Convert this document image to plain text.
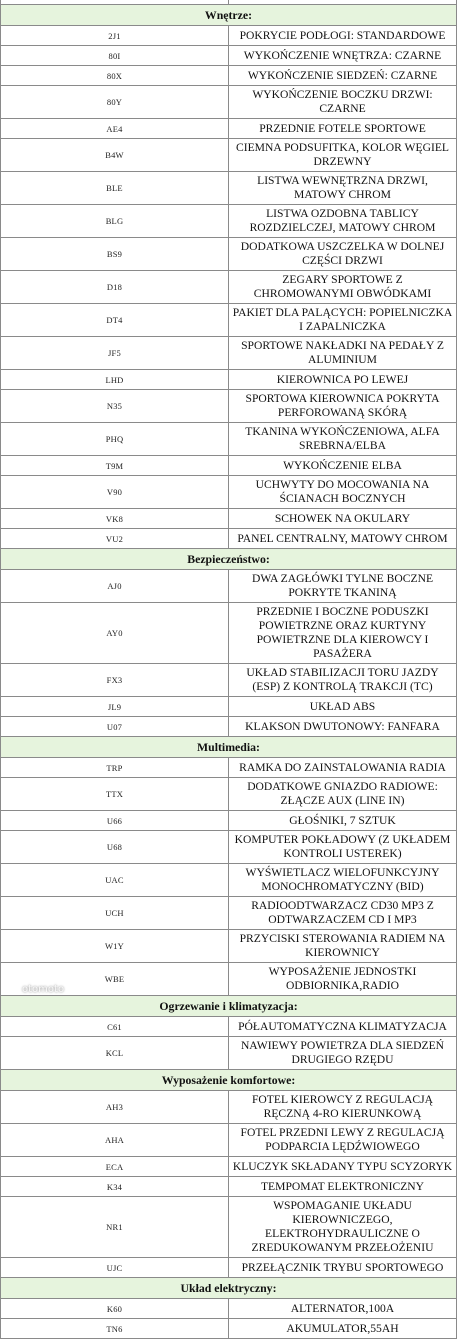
Wnętrze:	
2J1	POKRYCIE PODŁOGI: STANDARDOWE
80I	WYKOŃCZENIE WNĘTRZA: CZARNE
80X	WYKOŃCZENIE SIEDZEŃ: CZARNE
80Y	WYKOŃCZENIE BOCZKU DRZWI: CZARNE
AE4	PRZEDNIE FOTELE SPORTOWE
B4W	CIEMNA PODSUFITKA, KOLOR WĘGIEL DRZEWNY
BLE	LISTWA WEWNĘTRZNA DRZWI, MATOWY CHROM
BLG	LISTWA OZDOBNA TABLICY ROZDZIELCZEJ, MATOWY CHROM
BS9	DODATKOWA USZCZELKA W DOLNEJ CZĘŚCI DRZWI
D18	ZEGARY SPORTOWE Z CHROMOWANYMI OBWÓDKAMI
DT4	PAKIET DLA PALĄCYCH: POPIELNICZKA I ZAPALNICZKA
JF5	SPORTOWE NAKŁADKI NA PEDAŁY Z ALUMINIUM
LHD	KIEROWNICA PO LEWEJ
N35	SPORTOWA KIEROWNICA POKRYTA PERFOROWANĄ SKÓRĄ
PHQ	TKANINA WYKOŃCZENIOWA, ALFA SREBRNA/ELBA
T9M	WYKOŃCZENIE ELBA
V90	UCHWYTY DO MOCOWANIA NA ŚCIANACH BOCZNYCH
VK8	SCHOWEK NA OKULARY
VU2	PANEL CENTRALNY, MATOWY CHROM
Bezpieczeństwo:	
AJ0	DWA ZAGŁÓWKI TYLNE BOCZNE POKRYTE TKANINĄ
AY0	PRZEDNIE I BOCZNE PODUSZKI POWIETRZNE ORAZ KURTYNY POWIETRZNE DLA KIEROWCY I PASAŻERA
FX3	UKŁAD STABILIZACJI TORU JAZDY (ESP) Z KONTROLĄ TRAKCJI (TC)
JL9	UKŁAD ABS
U07	KLAKSON DWUTONOWY: FANFARA
Multimedia:	
TRP	RAMKA DO ZAINSTALOWANIA RADIA
TTX	DODATKOWE GNIAZDO RADIOWE: ZŁĄCZE AUX (LINE IN)
U66	GŁOŚNIKI, 7 SZTUK
U68	KOMPUTER POKŁADOWY (Z UKŁADEM KONTROLI USTEREK)
UAC	WYŚWIETLACZ WIELOFUNKCYJNY MONOCHROMATYCZNY (BID)
UCH	RADIOODTWARZACZ CD30 MP3 Z ODTWARZACZEM CD I MP3
W1Y	PRZYCISKI STEROWANIA RADIEM NA KIEROWNICY
WBE	WYPOSAŻENIE JEDNOSTKI ODBIORNIKA,RADIO
Ogrzewanie i klimatyzacja:	
C61	PÓŁAUTOMATYCZNA KLIMATYZACJA
KCL	NAWIEWY POWIETRZA DLA SIEDZEŃ DRUGIEGO RZĘDU
Wyposażenie komfortowe:	
AH3	FOTEL KIEROWCY Z REGULACJĄ RĘCZNĄ 4-RO KIERUNKOWĄ
AHA	FOTEL PRZEDNI LEWY Z REGULACJĄ PODPARCIA LĘDŹWIOWEGO
ECA	KLUCZYK SKŁADANY TYPU SCYZORYK
K34	TEMPOMAT ELEKTRONICZNY
NR1	WSPOMAGANIE UKŁADU KIEROWNICZEGO, ELEKTROHYDRAULICZNE O ZREDUKOWANYM PRZEŁOŻENIU
UJC	PRZEŁĄCZNIK TRYBU SPORTOWEGO
Układ elektryczny:	
K60	ALTERNATOR,100A
TN6	AKUMULATOR,55AH
otomoto
